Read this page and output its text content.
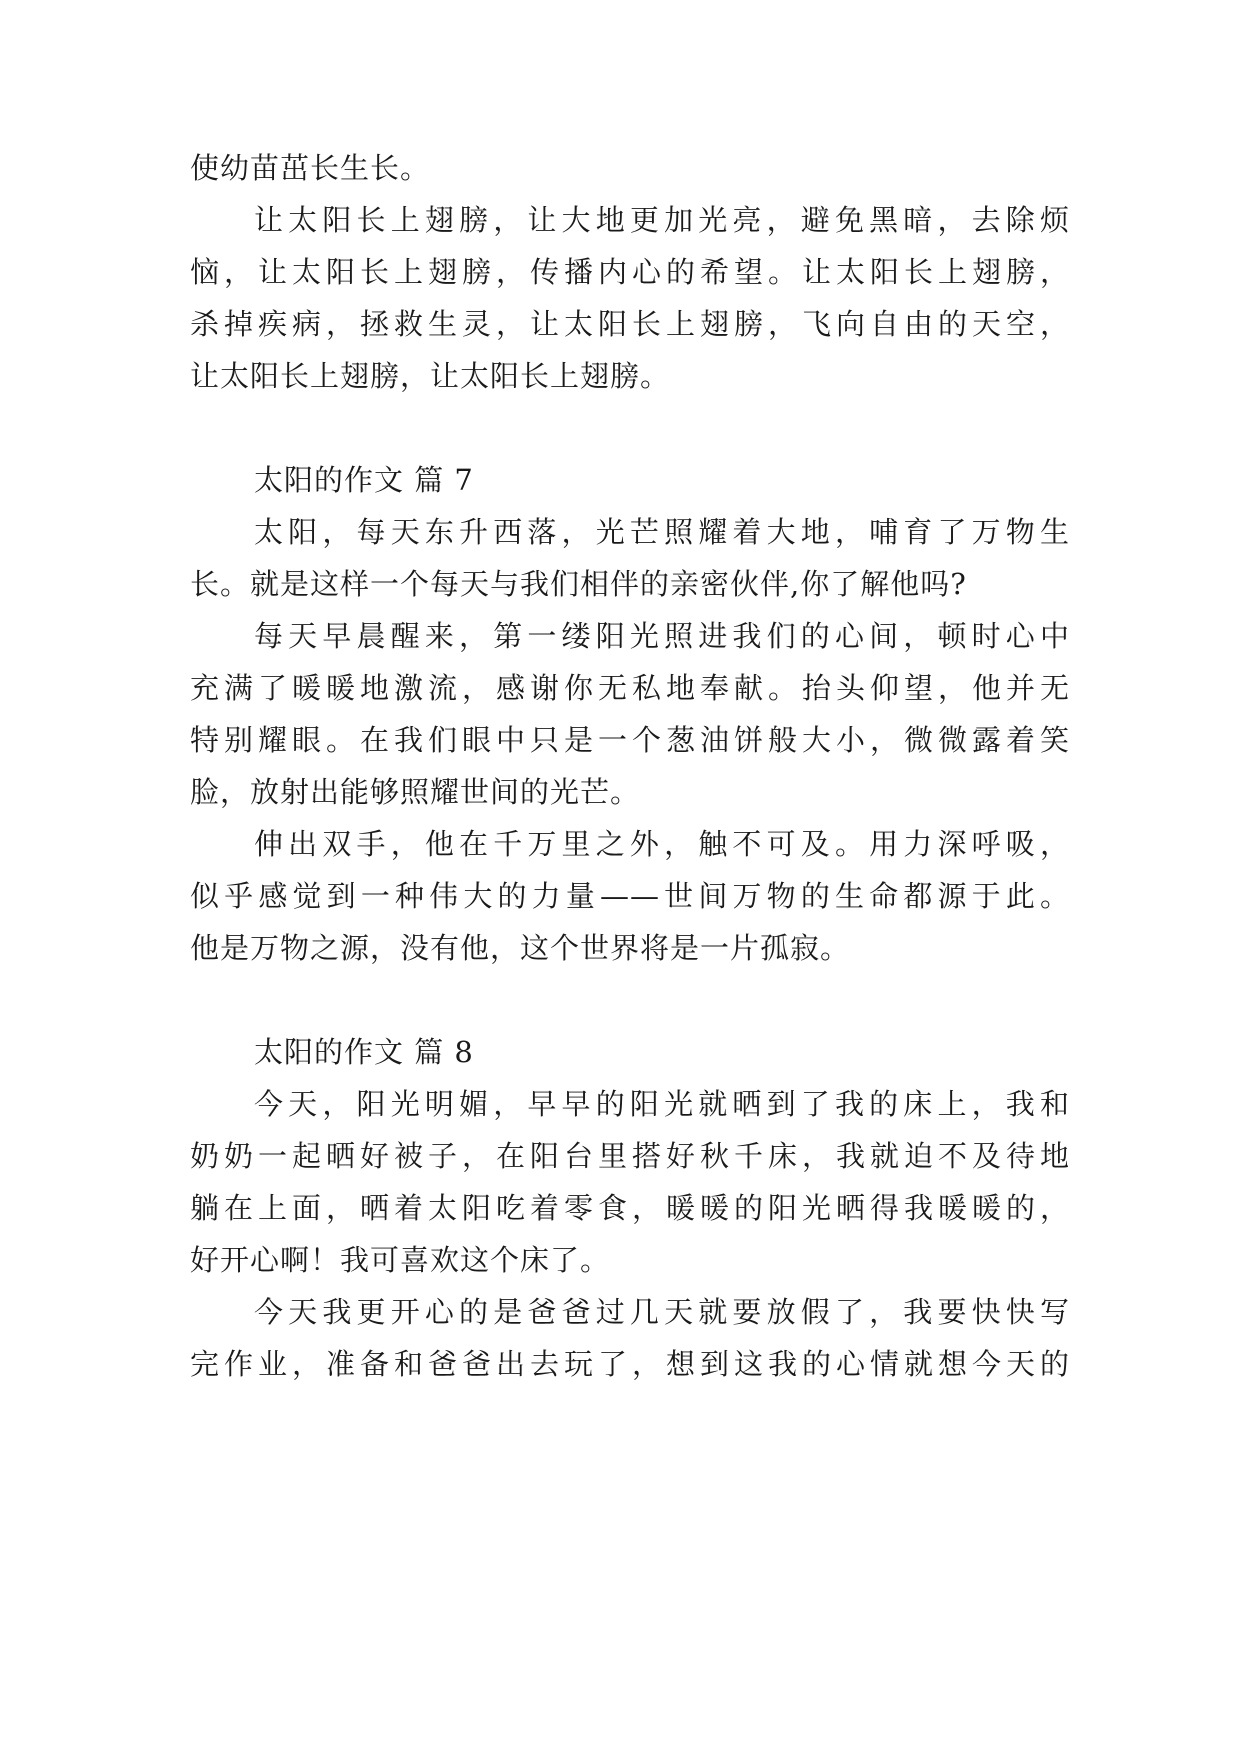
使幼苗茁长生长。
让太阳长上翅膀，让大地更加光亮，避免黑暗，去除烦
恼，让太阳长上翅膀，传播内心的希望。让太阳长上翅膀，
杀掉疾病，拯救生灵，让太阳长上翅膀，飞向自由的天空，
让太阳长上翅膀，让太阳长上翅膀。
太阳的作文 篇 7
太阳，每天东升西落，光芒照耀着大地，哺育了万物生
长。就是这样一个每天与我们相伴的亲密伙伴,你了解他吗?
每天早晨醒来，第一缕阳光照进我们的心间，顿时心中
充满了暖暖地激流，感谢你无私地奉献。抬头仰望，他并无
特别耀眼。在我们眼中只是一个葱油饼般大小，微微露着笑
脸，放射出能够照耀世间的光芒。
伸出双手，他在千万里之外，触不可及。用力深呼吸，
似乎感觉到一种伟大的力量——世间万物的生命都源于此。
他是万物之源，没有他，这个世界将是一片孤寂。
太阳的作文 篇 8
今天，阳光明媚，早早的阳光就晒到了我的床上，我和
奶奶一起晒好被子，在阳台里搭好秋千床，我就迫不及待地
躺在上面，晒着太阳吃着零食，暖暖的阳光晒得我暖暖的，
好开心啊！我可喜欢这个床了。
今天我更开心的是爸爸过几天就要放假了，我要快快写
完作业，准备和爸爸出去玩了，想到这我的心情就想今天的
